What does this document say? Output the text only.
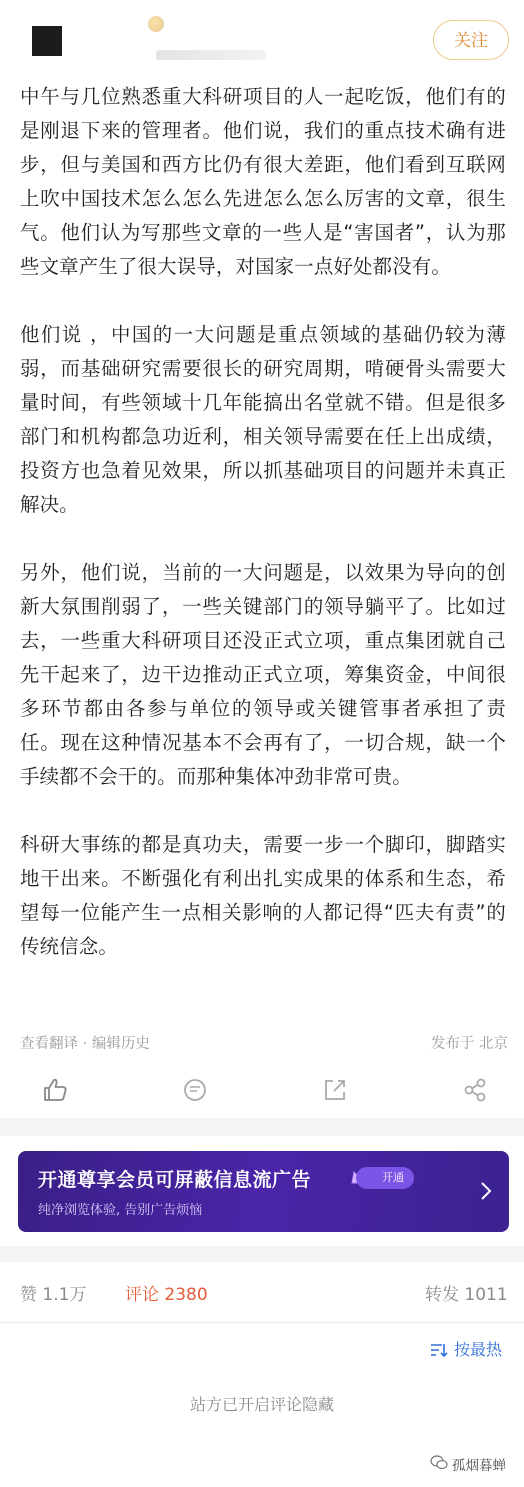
关注

中午与几位熟悉重大科研项目的人一起吃饭，他们有的是刚退下来的管理者。他们说，我们的重点技术确有进步，但与美国和西方比仍有很大差距，他们看到互联网上吹中国技术怎么怎么先进怎么怎么厉害的文章，很生气。他们认为写那些文章的一些人是“害国者”，认为那些文章产生了很大误导，对国家一点好处都没有。

他们说 ，中国的一大问题是重点领域的基础仍较为薄弱，而基础研究需要很长的研究周期，啃硬骨头需要大量时间，有些领域十几年能搞出名堂就不错。但是很多部门和机构都急功近利，相关领导需要在任上出成绩，投资方也急着见效果，所以抓基础项目的问题并未真正解决。

另外，他们说，当前的一大问题是，以效果为导向的创新大氛围削弱了，一些关键部门的领导躺平了。比如过去，一些重大科研项目还没正式立项，重点集团就自己先干起来了，边干边推动正式立项，筹集资金，中间很多环节都由各参与单位的领导或关键管事者承担了责任。现在这种情况基本不会再有了，一切合规，缺一个手续都不会干的。而那种集体冲劲非常可贵。

科研大事练的都是真功夫，需要一步一个脚印，脚踏实地干出来。不断强化有利出扎实成果的体系和生态，希望每一位能产生一点相关影响的人都记得“匹夫有责”的传统信念。

查看翻译 · 编辑历史	发布于 北京
开通尊享会员可屏蔽信息流广告	开通
纯净浏览体验, 告别广告烦恼
赞 1.1万 评论 2380	转发 1011
按最热
站方已开启评论隐藏
孤烟暮蝉
